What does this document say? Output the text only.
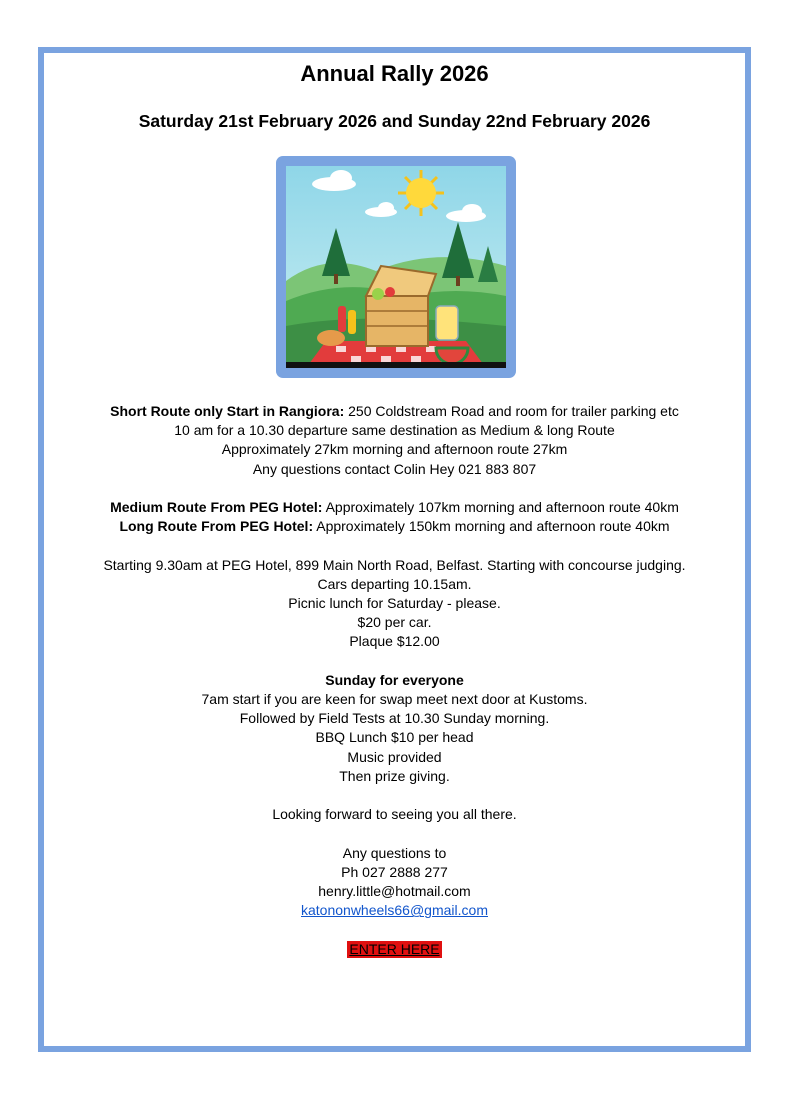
Annual Rally 2026
Saturday 21st February 2026 and Sunday 22nd February 2026
Short Route only Start in Rangiora: 250 Coldstream Road and room for trailer parking etc
10 am for a 10.30 departure same destination as Medium & long Route
Approximately 27km morning and afternoon route 27km
Any questions contact Colin Hey 021 883 807
Medium Route From PEG Hotel: Approximately 107km morning and afternoon route 40km
Long Route From PEG Hotel: Approximately 150km morning and afternoon route 40km
Starting 9.30am at PEG Hotel, 899 Main North Road, Belfast. Starting with concourse judging.
Cars departing 10.15am.
Picnic lunch for Saturday - please.
$20 per car.
Plaque $12.00
Sunday for everyone
7am start if you are keen for swap meet next door at Kustoms.
Followed by Field Tests at 10.30 Sunday morning.
BBQ Lunch $10 per head
Music provided
Then prize giving.
Looking forward to seeing you all there.
Any questions to
Ph 027 2888 277
henry.little@hotmail.com
katononwheels66@gmail.com
ENTER HERE
